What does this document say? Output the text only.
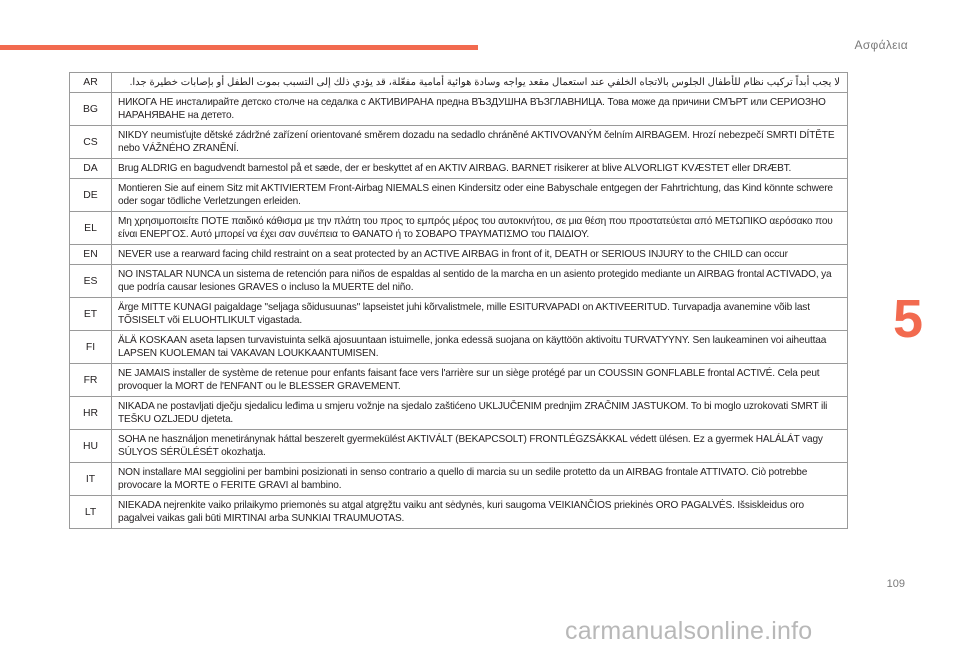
Ασφάλεια
5
AR	لا يجب أبداً تركيب نظام للأطفال الجلوس بالاتجاه الخلفي عند استعمال مقعد يواجه وسادة هوائية أمامية مفعّلة، قد يؤدي ذلك إلى التسبب بموت الطفل أو بإصابات خطيرة جدا.
BG	НИКОГА НЕ инсталирайте детско столче на седалка с АКТИВИРАНА предна ВЪЗДУШНА ВЪЗГЛАВНИЦА. Това може да причини СМЪРТ или СЕРИОЗНО НАРАНЯВАНЕ на детето.
CS	NIKDY neumisťujte dětské zádržné zařízení orientované směrem dozadu na sedadlo chráněné AKTIVOVANÝM čelním AIRBAGEM. Hrozí nebezpečí SMRTI DÍTĚTE nebo VÁŽNÉHO ZRANĚNÍ.
DA	Brug ALDRIG en bagudvendt barnestol på et sæde, der er beskyttet af en AKTIV AIRBAG. BARNET risikerer at blive ALVORLIGT KVÆSTET eller DRÆBT.
DE	Montieren Sie auf einem Sitz mit AKTIVIERTEM Front-Airbag NIEMALS einen Kindersitz oder eine Babyschale entgegen der Fahrtrichtung, das Kind könnte schwere oder sogar tödliche Verletzungen erleiden.
EL	Μη χρησιμοποιείτε ΠΟΤΕ παιδικό κάθισμα με την πλάτη του προς το εμπρός μέρος του αυτοκινήτου, σε μια θέση που προστατεύεται από ΜΕΤΩΠΙΚΟ αερόσακο που είναι ΕΝΕΡΓΟΣ. Αυτό μπορεί να έχει σαν συνέπεια το ΘΑΝΑΤΟ ή το ΣΟΒΑΡΟ ΤΡΑΥΜΑΤΙΣΜΟ του ΠΑΙΔΙΟΥ.
EN	NEVER use a rearward facing child restraint on a seat protected by an ACTIVE AIRBAG in front of it, DEATH or SERIOUS INJURY to the CHILD can occur
ES	NO INSTALAR NUNCA un sistema de retención para niños de espaldas al sentido de la marcha en un asiento protegido mediante un AIRBAG frontal ACTIVADO, ya que podría causar lesiones GRAVES o incluso la MUERTE del niño.
ET	Ärge MITTE KUNAGI paigaldage "seljaga sõidusuunas" lapseistet juhi kõrvalistmele, mille ESITURVAPADI on AKTIVEERITUD. Turvapadja avanemine võib last TÕSISELT või ELUOHTLIKULT vigastada.
FI	ÄLÄ KOSKAAN aseta lapsen turvavistuinta selkä ajosuuntaan istuimelle, jonka edessä suojana on käyttöön aktivoitu TURVATYYNY. Sen laukeaminen voi aiheuttaa LAPSEN KUOLEMAN tai VAKAVAN LOUKKAANTUMISEN.
FR	NE JAMAIS installer de système de retenue pour enfants faisant face vers l'arrière sur un siège protégé par un COUSSIN GONFLABLE frontal ACTIVÉ. Cela peut provoquer la MORT de l'ENFANT ou le BLESSER GRAVEMENT.
HR	NIKADA ne postavljati dječju sjedalicu leđima u smjeru vožnje na sjedalo zaštićeno UKLJUČENIM prednjim ZRAČNIM JASTUKOM. To bi moglo uzrokovati SMRT ili TEŠKU OZLJEDU djeteta.
HU	SOHA ne használjon menetiránynak háttal beszerelt gyermekülést AKTIVÁLT (BEKAPCSOLT) FRONTLÉGZSÁKKAL védett ülésen. Ez a gyermek HALÁLÁT vagy SÚLYOS SÉRÜLÉSÉT okozhatja.
IT	NON installare MAI seggiolini per bambini posizionati in senso contrario a quello di marcia su un sedile protetto da un AIRBAG frontale ATTIVATO. Ciò potrebbe provocare la MORTE o FERITE GRAVI al bambino.
LT	NIEKADA nejrenkite vaiko prilaikymo priemonės su atgal atgręžtu vaiku ant sėdynės, kuri saugoma VEIKIANČIOS priekinės ORO PAGALVĖS. Išsiskleidus oro pagalvei vaikas gali būti MIRTINAI arba SUNKIAI TRAUMUOTAS.
109
carmanualsonline.info
